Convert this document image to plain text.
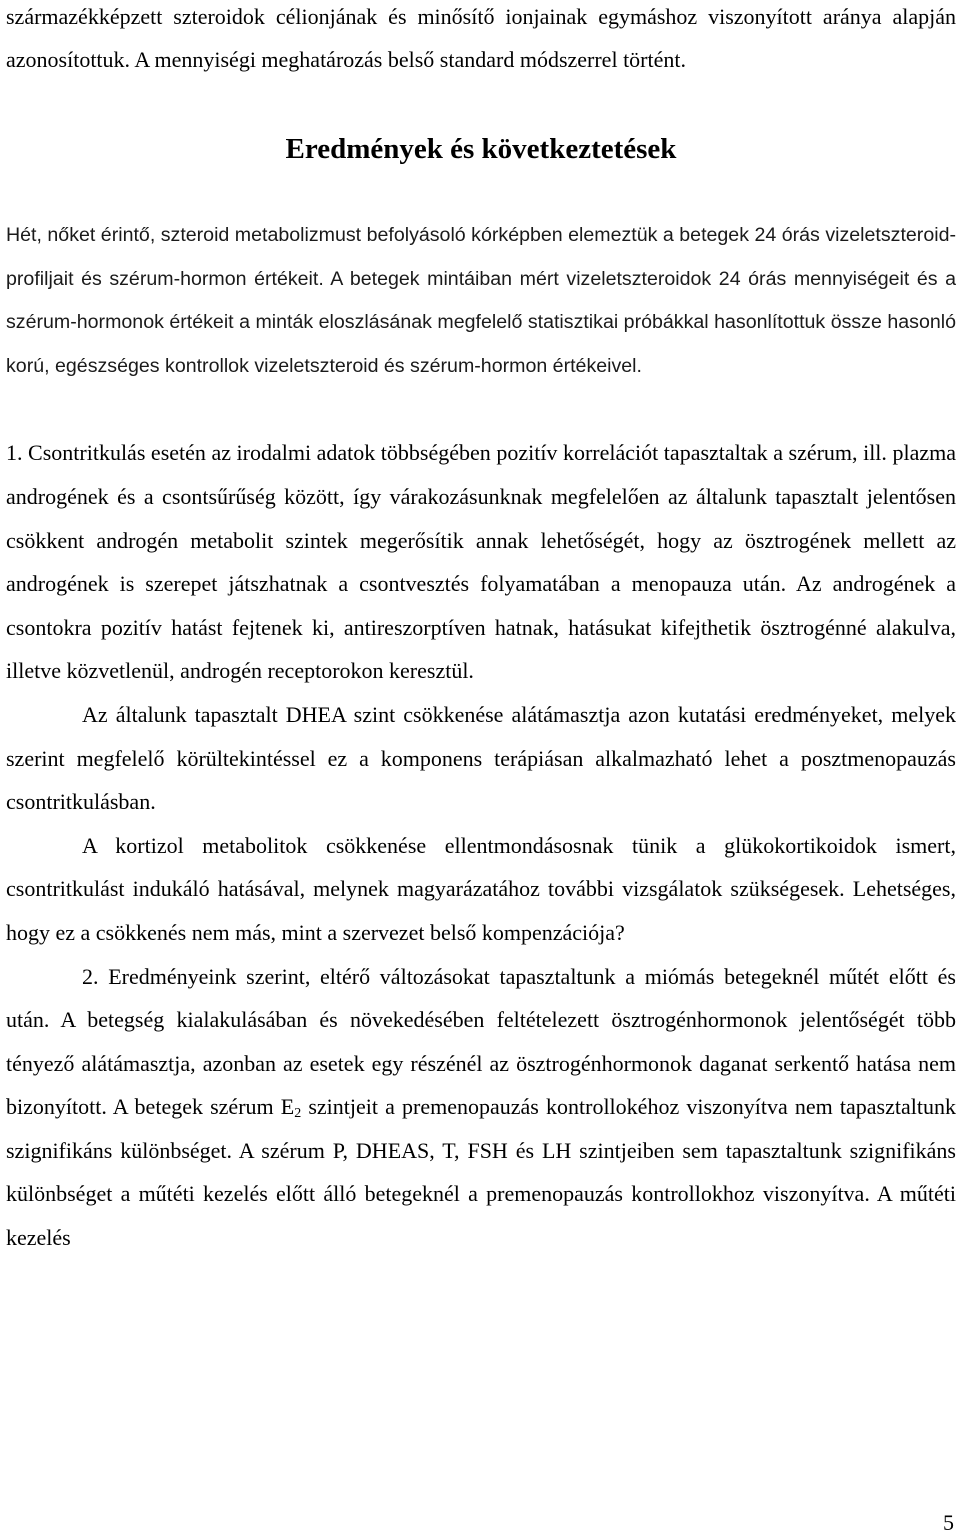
származékképzett szteroidok célionjának és minősítő ionjainak egymáshoz viszonyított aránya alapján azonosítottuk. A mennyiségi meghatározás belső standard módszerrel történt.

Eredmények és következtetések

Hét, nőket érintő, szteroid metabolizmust befolyásoló kórképben elemeztük a betegek 24 órás vizeletszteroid-profiljait és szérum-hormon értékeit. A betegek mintáiban mért vizeletszteroidok 24 órás mennyiségeit és a szérum-hormonok értékeit a minták eloszlásának megfelelő statisztikai próbákkal hasonlítottuk össze hasonló korú, egészséges kontrollok vizeletszteroid és szérum-hormon értékeivel.

1. Csontritkulás esetén az irodalmi adatok többségében pozitív korrelációt tapasztaltak a szérum, ill. plazma androgének és a csontsűrűség között, így várakozásunknak megfelelően az általunk tapasztalt jelentősen csökkent androgén metabolit szintek megerősítik annak lehetőségét, hogy az ösztrogének mellett az androgének is szerepet játszhatnak a csontvesztés folyamatában a menopauza után. Az androgének a csontokra pozitív hatást fejtenek ki, antireszorptíven hatnak, hatásukat kifejthetik ösztrogénné alakulva, illetve közvetlenül, androgén receptorokon keresztül.

Az általunk tapasztalt DHEA szint csökkenése alátámasztja azon kutatási eredményeket, melyek szerint megfelelő körültekintéssel ez a komponens terápiásan alkalmazható lehet a posztmenopauzás csontritkulásban.

A kortizol metabolitok csökkenése ellentmondásosnak tünik a glükokortikoidok ismert, csontritkulást indukáló hatásával, melynek magyarázatához további vizsgálatok szükségesek. Lehetséges, hogy ez a csökkenés nem más, mint a szervezet belső kompenzációja?

2. Eredményeink szerint, eltérő változásokat tapasztaltunk a miómás betegeknél műtét előtt és után. A betegség kialakulásában és növekedésében feltételezett ösztrogénhormonok jelentőségét több tényező alátámasztja, azonban az esetek egy részénél az ösztrogénhormonok daganat serkentő hatása nem bizonyított. A betegek szérum $E_2$ szintjeit a premenopauzás kontrollokéhoz viszonyítva nem tapasztaltunk szignifikáns különbséget. A szérum P, DHEAS, T, FSH és LH szintjeiben sem tapasztaltunk szignifikáns különbséget a műtéti kezelés előtt álló betegeknél a premenopauzás kontrollokhoz viszonyítva. A műtéti kezelés

5
